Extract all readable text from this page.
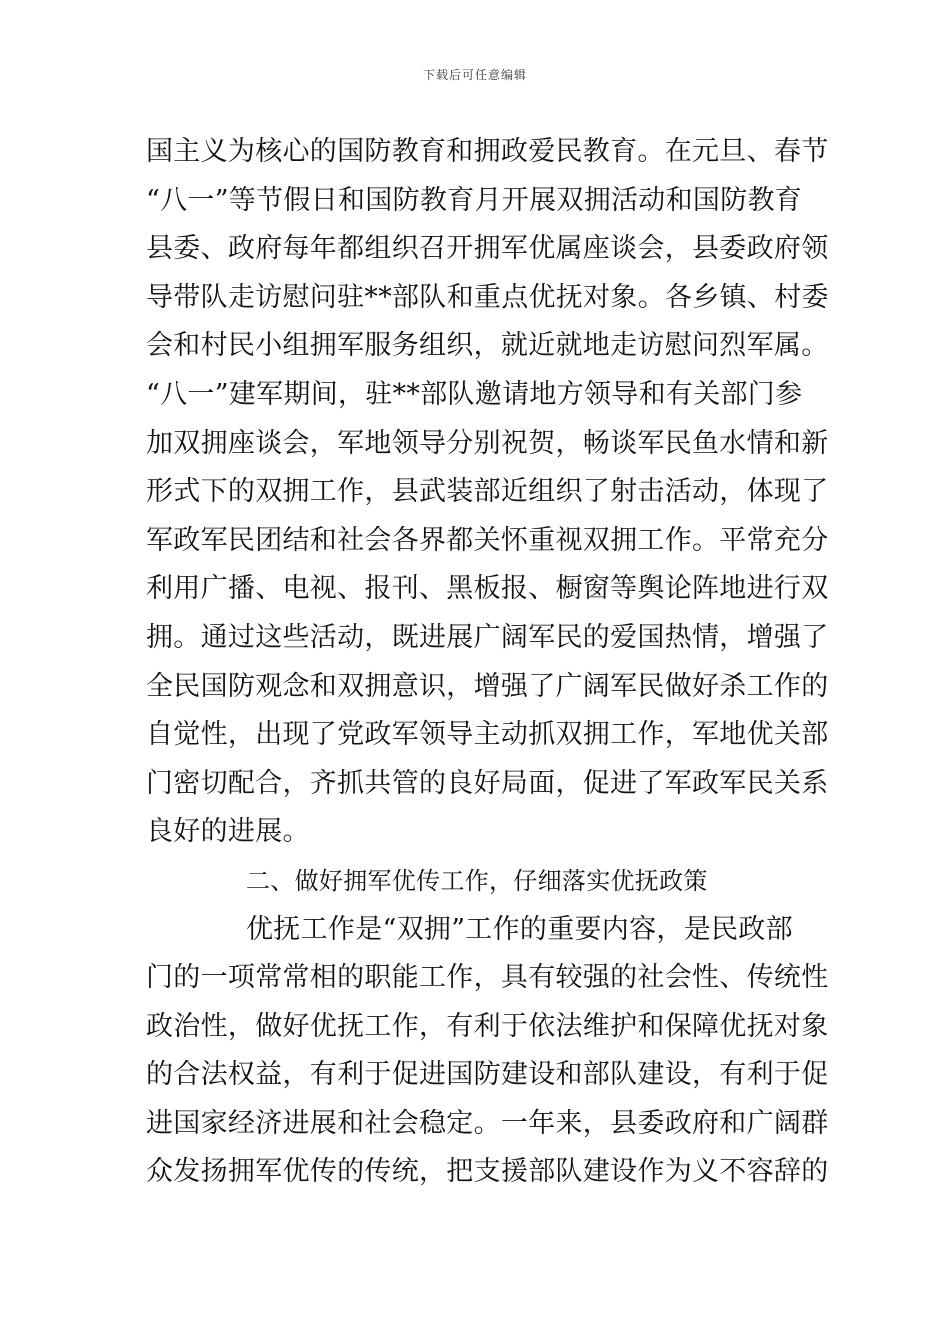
下载后可任意编辑
国主义为核心的国防教育和拥政爱民教育。在元旦、春节
“八一”等节假日和国防教育月开展双拥活动和国防教育
县委、政府每年都组织召开拥军优属座谈会，县委政府领
导带队走访慰问驻**部队和重点优抚对象。各乡镇、村委
会和村民小组拥军服务组织，就近就地走访慰问烈军属。
“八一”建军期间，驻**部队邀请地方领导和有关部门参
加双拥座谈会，军地领导分别祝贺，畅谈军民鱼水情和新
形式下的双拥工作，县武装部近组织了射击活动，体现了
军政军民团结和社会各界都关怀重视双拥工作。平常充分
利用广播、电视、报刊、黑板报、橱窗等舆论阵地进行双
拥。通过这些活动，既进展广阔军民的爱国热情，增强了
全民国防观念和双拥意识，增强了广阔军民做好杀工作的
自觉性，出现了党政军领导主动抓双拥工作，军地优关部
门密切配合，齐抓共管的良好局面，促进了军政军民关系
良好的进展。
二、做好拥军优传工作，仔细落实优抚政策
优抚工作是“双拥”工作的重要内容，是民政部
门的一项常常相的职能工作，具有较强的社会性、传统性
政治性，做好优抚工作，有利于依法维护和保障优抚对象
的合法权益，有利于促进国防建设和部队建设，有利于促
进国家经济进展和社会稳定。一年来，县委政府和广阔群
众发扬拥军优传的传统，把支援部队建设作为义不容辞的
